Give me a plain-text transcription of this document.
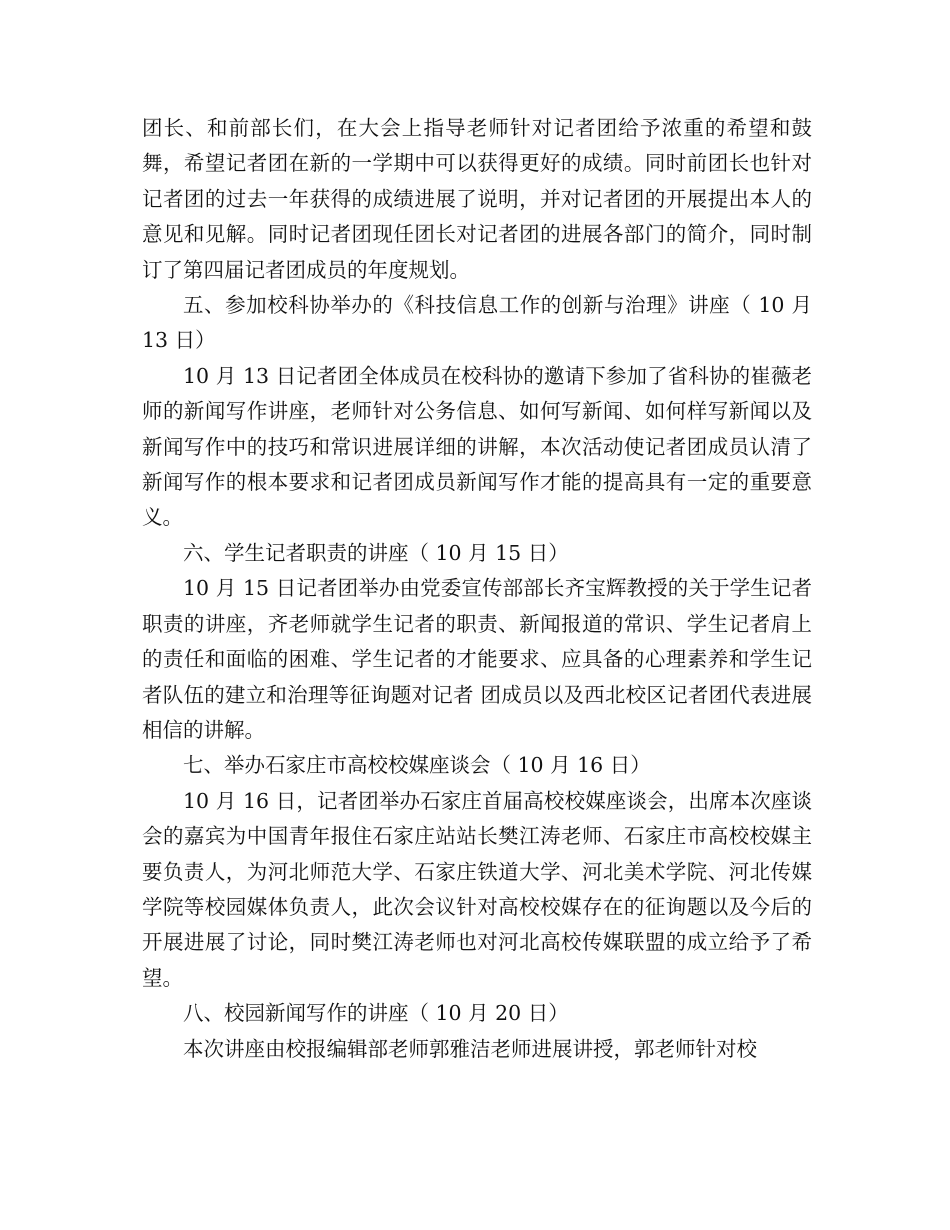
团长、和前部长们，在大会上指导老师针对记者团给予浓重的希望和鼓舞，希望记者团在新的一学期中可以获得更好的成绩。同时前团长也针对记者团的过去一年获得的成绩进展了说明，并对记者团的开展提出本人的意见和见解。同时记者团现任团长对记者团的进展各部门的简介，同时制订了第四届记者团成员的年度规划。

五、参加校科协举办的《科技信息工作的创新与治理》讲座（ 10 月 13 日）

10 月 13 日记者团全体成员在校科协的邀请下参加了省科协的崔薇老师的新闻写作讲座，老师针对公务信息、如何写新闻、如何样写新闻以及新闻写作中的技巧和常识进展详细的讲解，本次活动使记者团成员认清了新闻写作的根本要求和记者团成员新闻写作才能的提高具有一定的重要意义。

六、学生记者职责的讲座（ 10 月 15 日）

10 月 15 日记者团举办由党委宣传部部长齐宝辉教授的关于学生记者职责的讲座，齐老师就学生记者的职责、新闻报道的常识、学生记者肩上的责任和面临的困难、学生记者的才能要求、应具备的心理素养和学生记者队伍的建立和治理等征询题对记者 团成员以及西北校区记者团代表进展相信的讲解。

七、举办石家庄市高校校媒座谈会（ 10 月 16 日）

10 月 16 日，记者团举办石家庄首届高校校媒座谈会，出席本次座谈会的嘉宾为中国青年报住石家庄站站长樊江涛老师、石家庄市高校校媒主要负责人，为河北师范大学、石家庄铁道大学、河北美术学院、河北传媒学院等校园媒体负责人，此次会议针对高校校媒存在的征询题以及今后的开展进展了讨论，同时樊江涛老师也对河北高校传媒联盟的成立给予了希望。

八、校园新闻写作的讲座（ 10 月 20 日）

本次讲座由校报编辑部老师郭雅洁老师进展讲授，郭老师针对校
